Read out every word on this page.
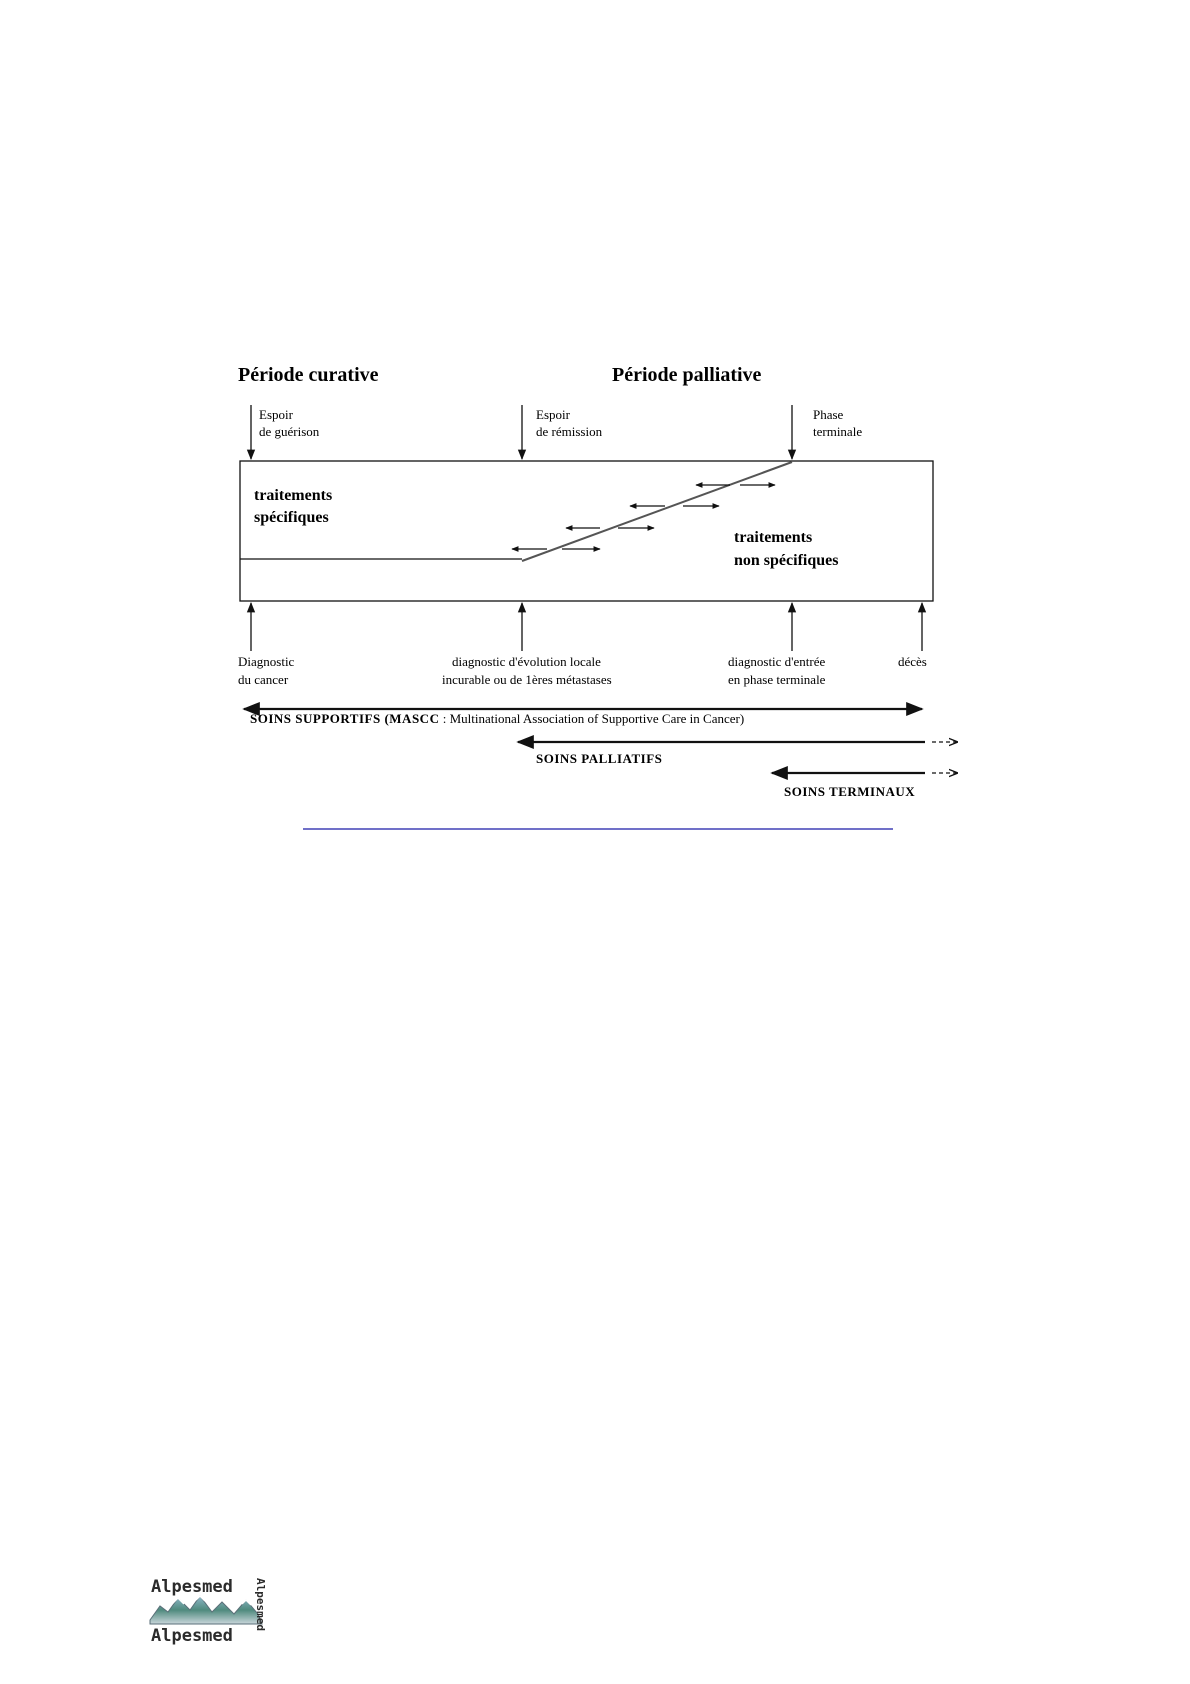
Période curative	Période palliative
Espoir
de guérison
Espoir
de rémission
Phase
terminale
traitements
spécifiques
traitements
non spécifiques
Diagnostic
du cancer
diagnostic d'évolution locale
incurable ou de 1ères métastases
diagnostic d'entrée
en phase terminale
décès
SOINS SUPPORTIFS (MASCC : Multinational Association of Supportive Care in Cancer)
SOINS PALLIATIFS
SOINS TERMINAUX
Alpesmed
Alpesmed
Alpesmed
